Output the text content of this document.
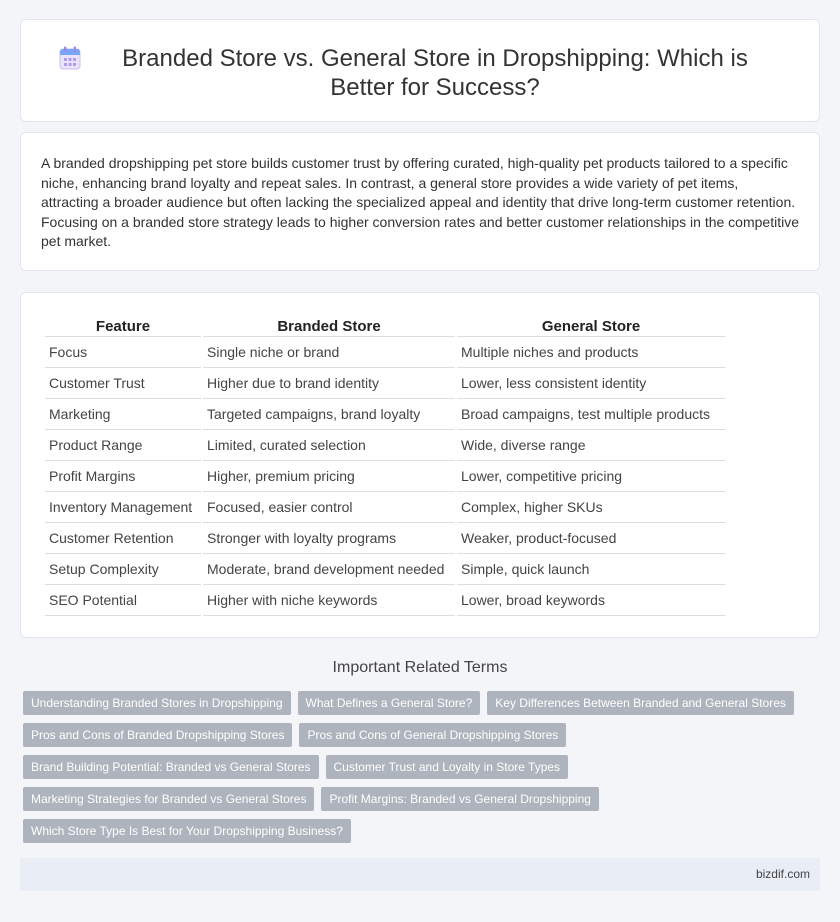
Branded Store vs. General Store in Dropshipping: Which is Better for Success?

A branded dropshipping pet store builds customer trust by offering curated, high-quality pet products tailored to a specific niche, enhancing brand loyalty and repeat sales. In contrast, a general store provides a wide variety of pet items, attracting a broader audience but often lacking the specialized appeal and identity that drive long-term customer retention. Focusing on a branded store strategy leads to higher conversion rates and better customer relationships in the competitive pet market.

Feature	Branded Store	General Store
Focus	Single niche or brand	Multiple niches and products
Customer Trust	Higher due to brand identity	Lower, less consistent identity
Marketing	Targeted campaigns, brand loyalty	Broad campaigns, test multiple products
Product Range	Limited, curated selection	Wide, diverse range
Profit Margins	Higher, premium pricing	Lower, competitive pricing
Inventory Management	Focused, easier control	Complex, higher SKUs
Customer Retention	Stronger with loyalty programs	Weaker, product-focused
Setup Complexity	Moderate, brand development needed	Simple, quick launch
SEO Potential	Higher with niche keywords	Lower, broad keywords
Important Related Terms
Understanding Branded Stores in Dropshipping	What Defines a General Store?	Key Differences Between Branded and General Stores
Pros and Cons of Branded Dropshipping Stores	Pros and Cons of General Dropshipping Stores
Brand Building Potential: Branded vs General Stores	Customer Trust and Loyalty in Store Types
Marketing Strategies for Branded vs General Stores	Profit Margins: Branded vs General Dropshipping
Which Store Type Is Best for Your Dropshipping Business?
bizdif.com
